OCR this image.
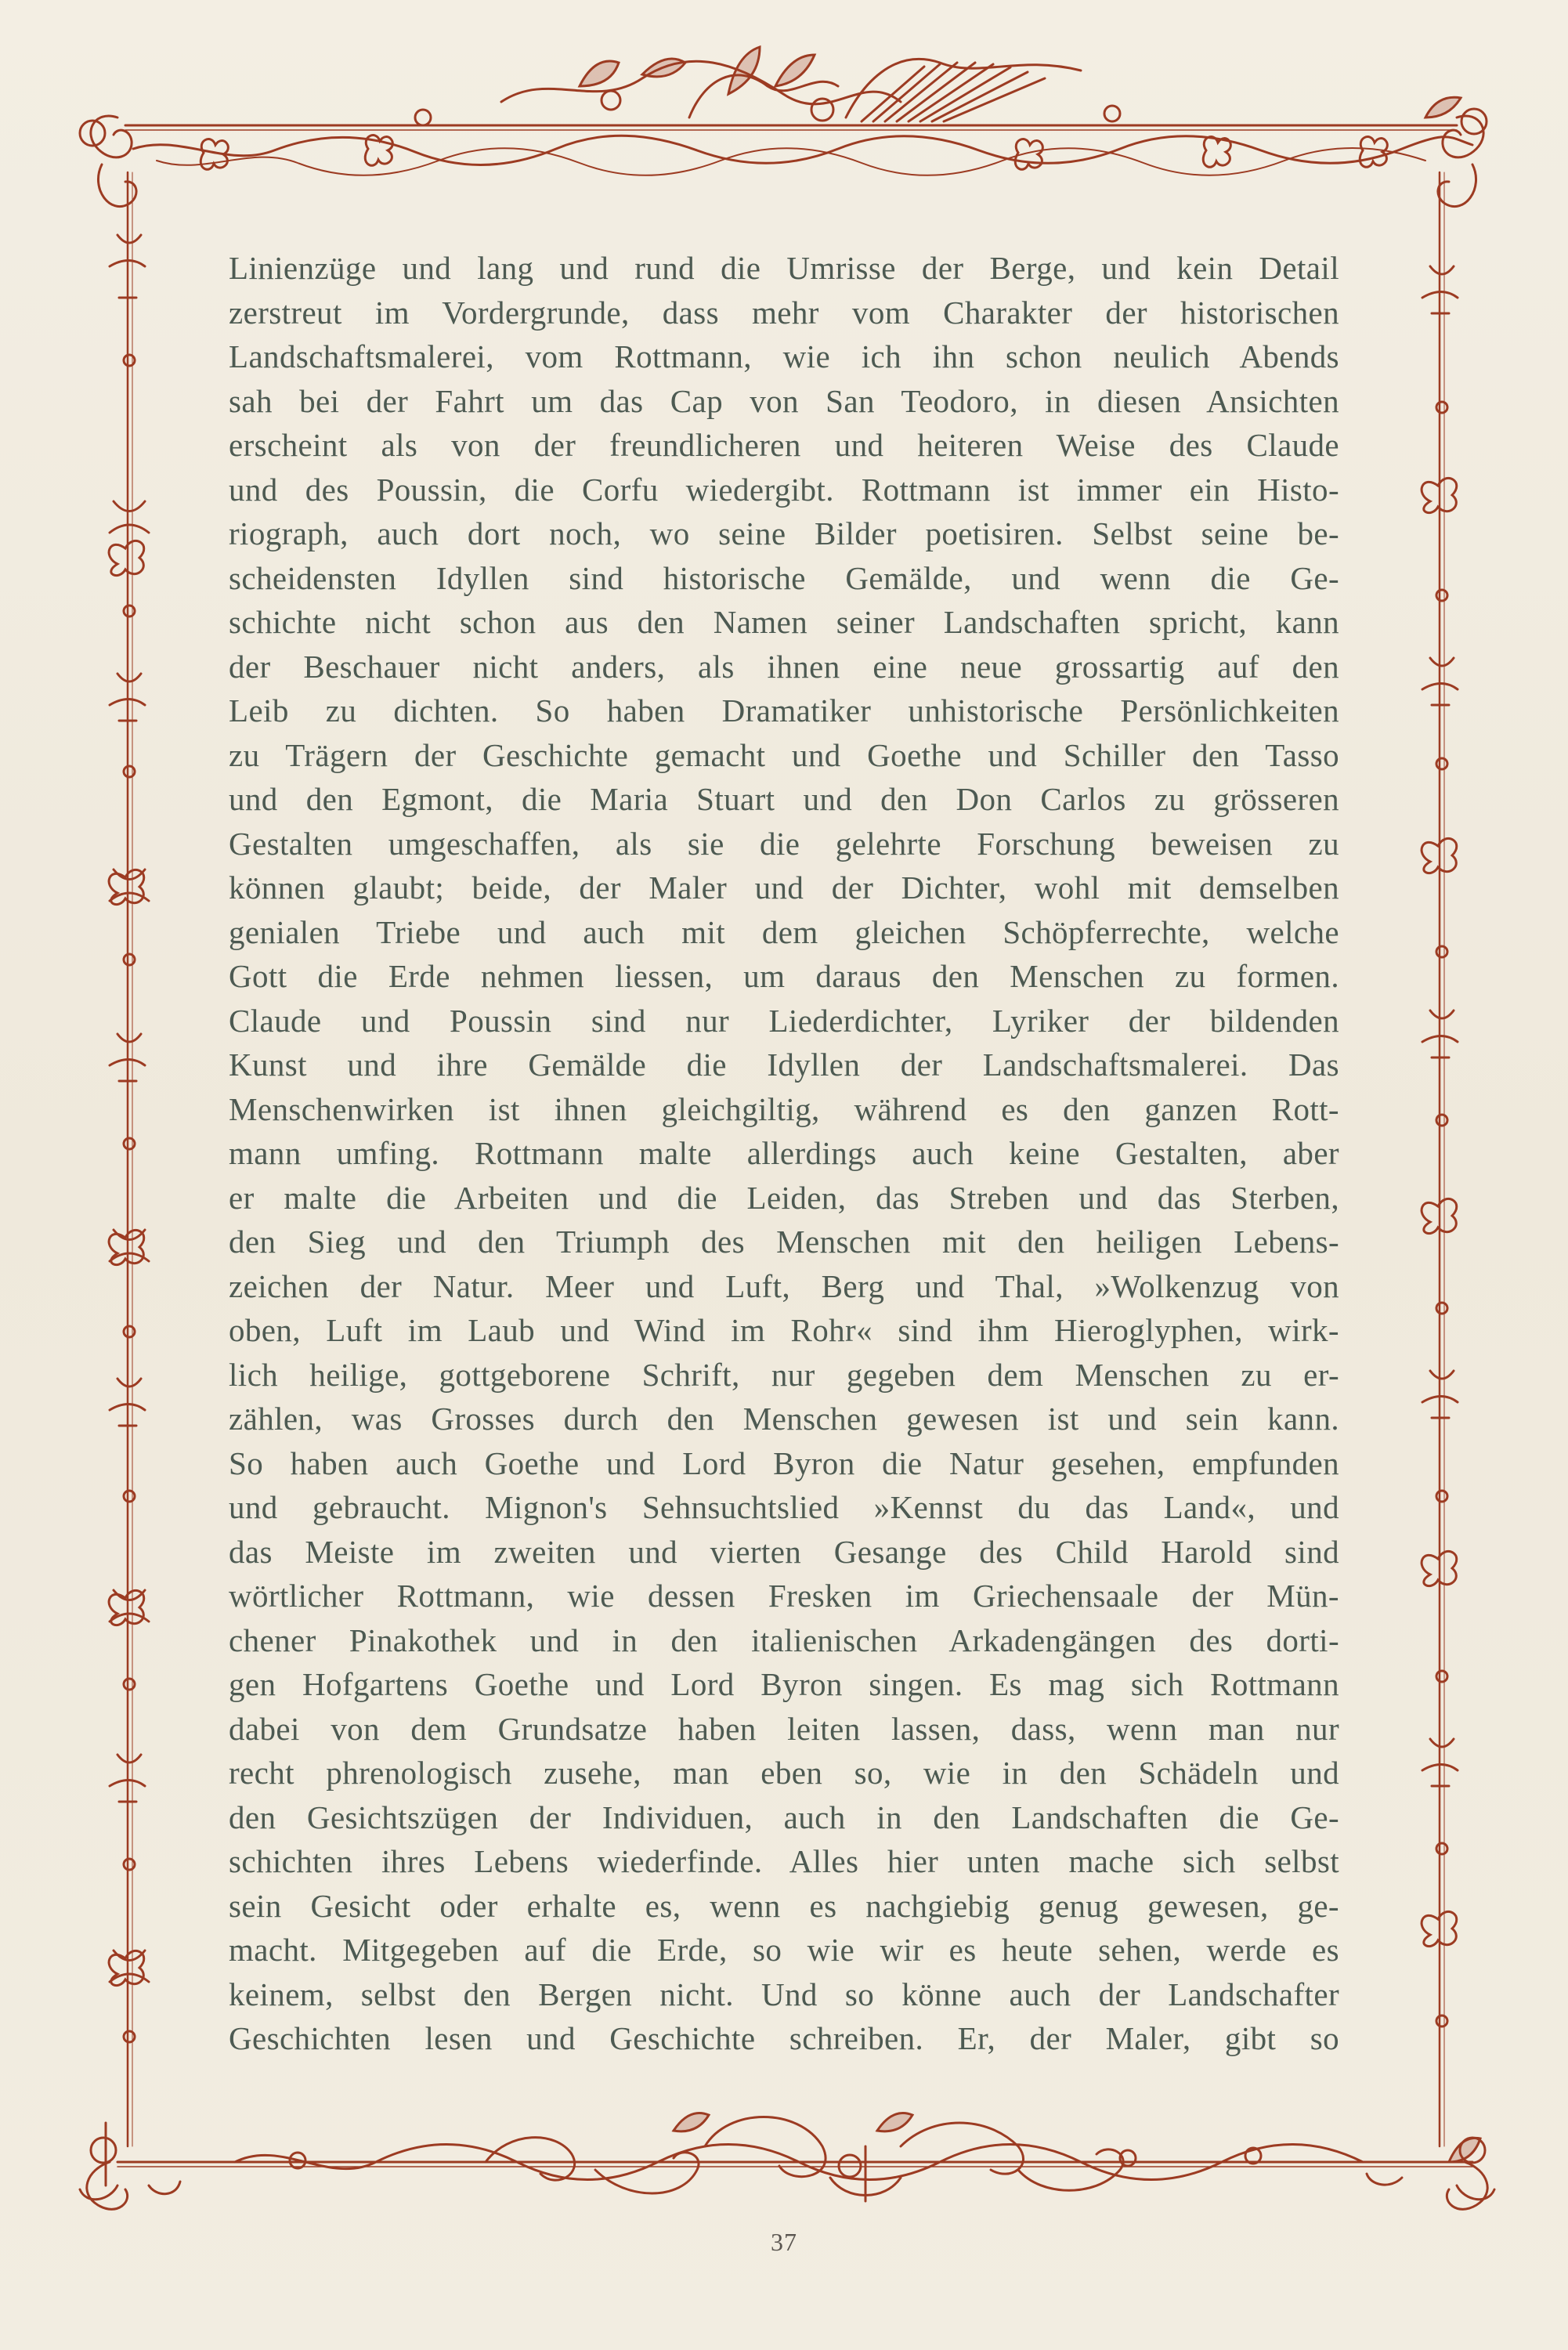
Linienzüge und lang und rund die Umrisse der Berge, und kein Detail
zerstreut im Vordergrunde, dass mehr vom Charakter der historischen
Landschaftsmalerei, vom Rottmann, wie ich ihn schon neulich Abends
sah bei der Fahrt um das Cap von San Teodoro, in diesen Ansichten
erscheint als von der freundlicheren und heiteren Weise des Claude
und des Poussin, die Corfu wiedergibt. Rottmann ist immer ein Histo-
riograph, auch dort noch, wo seine Bilder poetisiren. Selbst seine be-
scheidensten Idyllen sind historische Gemälde, und wenn die Ge-
schichte nicht schon aus den Namen seiner Landschaften spricht, kann
der Beschauer nicht anders, als ihnen eine neue grossartig auf den
Leib zu dichten. So haben Dramatiker unhistorische Persönlichkeiten
zu Trägern der Geschichte gemacht und Goethe und Schiller den Tasso
und den Egmont, die Maria Stuart und den Don Carlos zu grösseren
Gestalten umgeschaffen, als sie die gelehrte Forschung beweisen zu
können glaubt; beide, der Maler und der Dichter, wohl mit demselben
genialen Triebe und auch mit dem gleichen Schöpferrechte, welche
Gott die Erde nehmen liessen, um daraus den Menschen zu formen.
Claude und Poussin sind nur Liederdichter, Lyriker der bildenden
Kunst und ihre Gemälde die Idyllen der Landschaftsmalerei. Das
Menschenwirken ist ihnen gleichgiltig, während es den ganzen Rott-
mann umfing. Rottmann malte allerdings auch keine Gestalten, aber
er malte die Arbeiten und die Leiden, das Streben und das Sterben,
den Sieg und den Triumph des Menschen mit den heiligen Lebens-
zeichen der Natur. Meer und Luft, Berg und Thal, »Wolkenzug von
oben, Luft im Laub und Wind im Rohr« sind ihm Hieroglyphen, wirk-
lich heilige, gottgeborene Schrift, nur gegeben dem Menschen zu er-
zählen, was Grosses durch den Menschen gewesen ist und sein kann.
So haben auch Goethe und Lord Byron die Natur gesehen, empfunden
und gebraucht. Mignon's Sehnsuchtslied »Kennst du das Land«, und
das Meiste im zweiten und vierten Gesange des Child Harold sind
wörtlicher Rottmann, wie dessen Fresken im Griechensaale der Mün-
chener Pinakothek und in den italienischen Arkadengängen des dorti-
gen Hofgartens Goethe und Lord Byron singen. Es mag sich Rottmann
dabei von dem Grundsatze haben leiten lassen, dass, wenn man nur
recht phrenologisch zusehe, man eben so, wie in den Schädeln und
den Gesichtszügen der Individuen, auch in den Landschaften die Ge-
schichten ihres Lebens wiederfinde. Alles hier unten mache sich selbst
sein Gesicht oder erhalte es, wenn es nachgiebig genug gewesen, ge-
macht. Mitgegeben auf die Erde, so wie wir es heute sehen, werde es
keinem, selbst den Bergen nicht. Und so könne auch der Landschafter
Geschichten lesen und Geschichte schreiben. Er, der Maler, gibt so
37
